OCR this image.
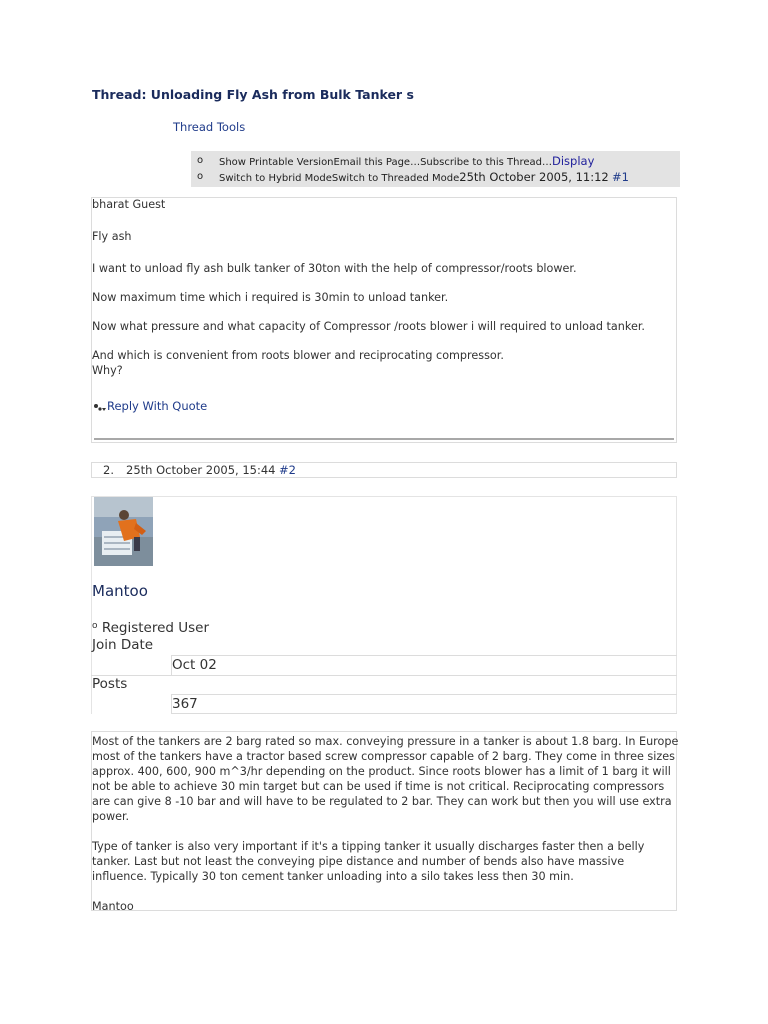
Thread: Unloading Fly Ash from Bulk Tanker s
Thread Tools
o Show Printable VersionEmail this Page…Subscribe to this Thread…Display
o Switch to Hybrid ModeSwitch to Threaded Mode25th October 2005, 11:12 #1
bharat Guest
Fly ash
I want to unload fly ash bulk tanker of 30ton with the help of compressor/roots blower.
Now maximum time which i required is 30min to unload tanker.
Now what pressure and what capacity of Compressor /roots blower i will required to unload tanker.
And which is convenient from roots blower and reciprocating compressor.
Why?
Reply With Quote
2. 25th October 2005, 15:44 #2
Mantoo
$^o$ Registered User
Join Date
Oct 02
Posts
367

Most of the tankers are 2 barg rated so max. conveying pressure in a tanker is about 1.8 barg. In Europe most of the tankers have a tractor based screw compressor capable of 2 barg. They come in three sizes approx. 400, 600, 900 m^3/hr depending on the product. Since roots blower has a limit of 1 barg it will not be able to achieve 30 min target but can be used if time is not critical. Reciprocating compressors are can give 8 -10 bar and will have to be regulated to 2 bar. They can work but then you will use extra power.

Type of tanker is also very important if it's a tipping tanker it usually discharges faster then a belly tanker. Last but not least the conveying pipe distance and number of bends also have massive influence. Typically 30 ton cement tanker unloading into a silo takes less then 30 min.

Mantoo
